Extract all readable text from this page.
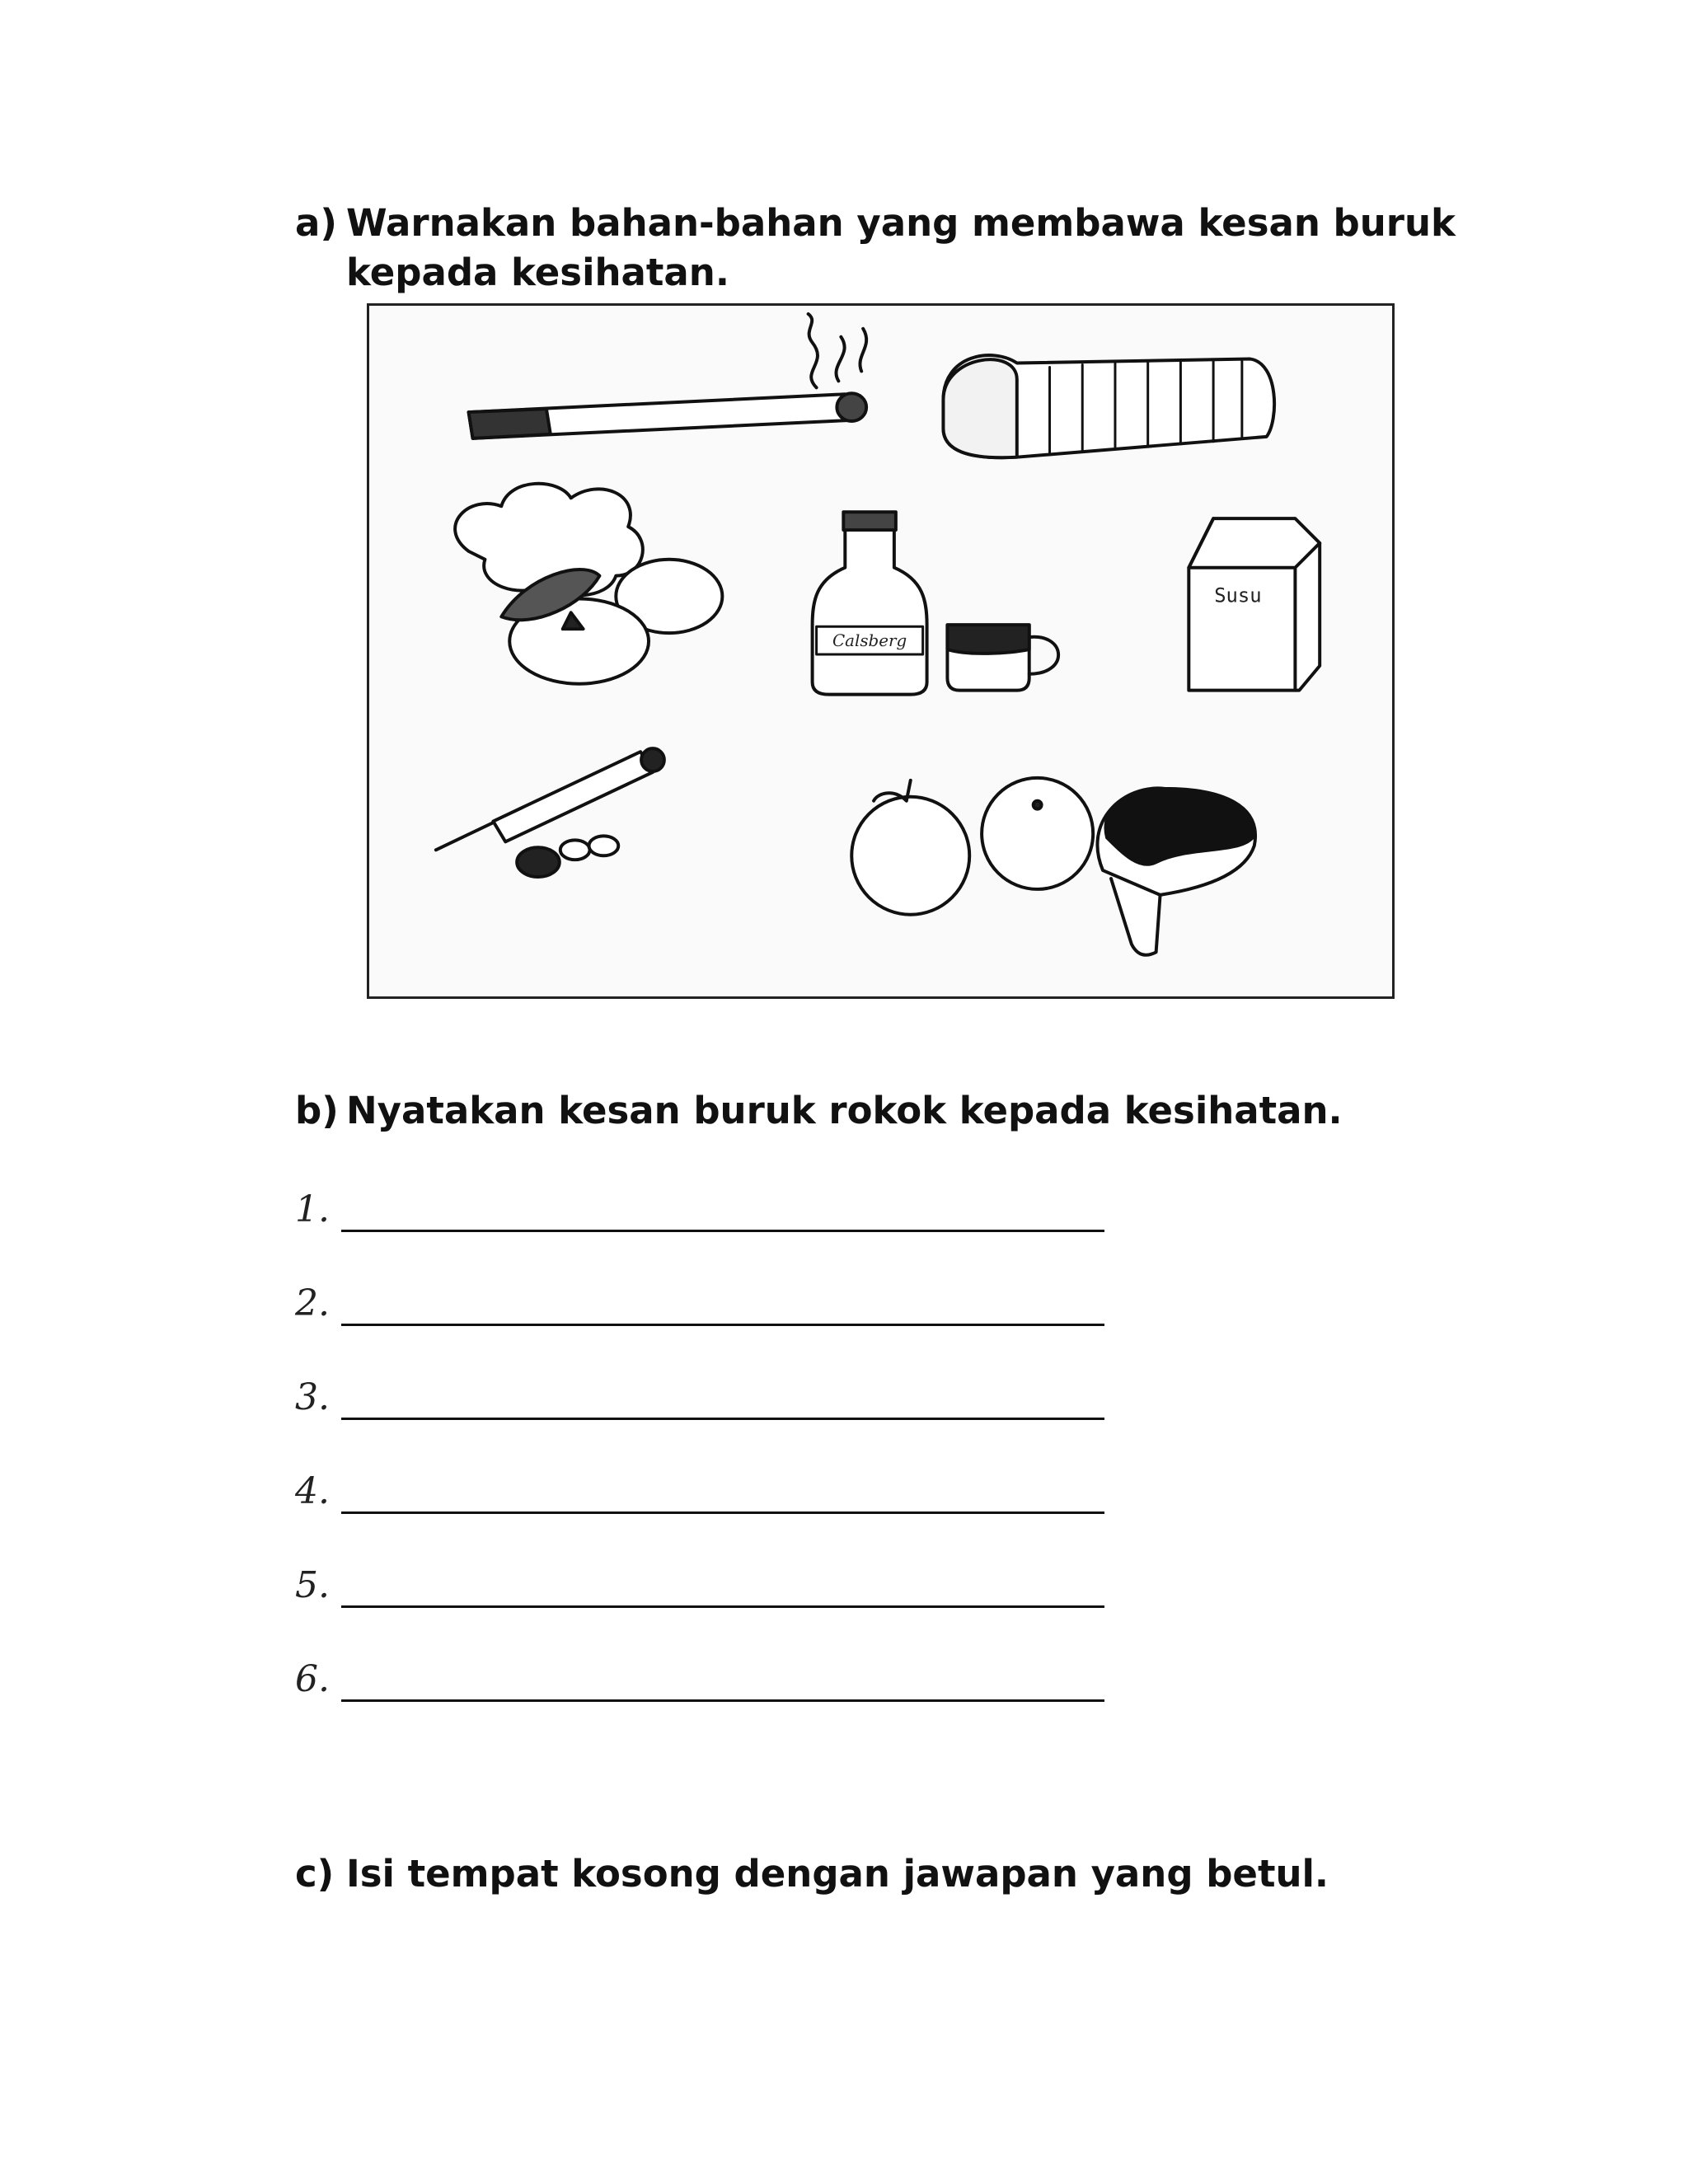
a) Warnakan bahan-bahan yang membawa kesan buruk
kepada kesihatan.
Calsberg
Susu
b) Nyatakan kesan buruk rokok kepada kesihatan.
1.
2.
3.
4.
5.
6.
c) Isi tempat kosong dengan jawapan yang betul.
